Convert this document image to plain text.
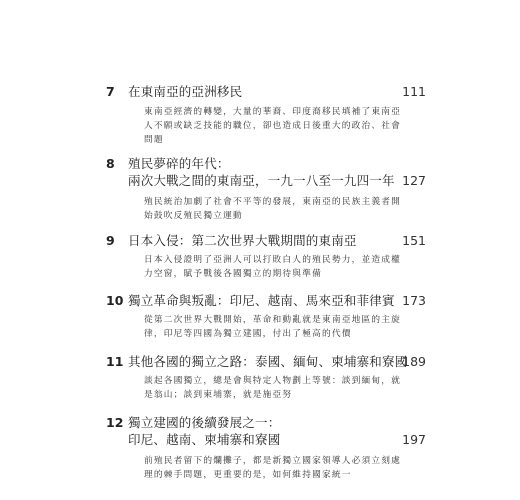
7	在東南亞的亞洲移民	111
東南亞經濟的轉變，大量的華裔、印度裔移民填補了東南亞
人不願或缺乏技能的職位，卻也造成日後重大的政治、社會
問題
8	殖民夢碎的年代：
兩次大戰之間的東南亞，一九一八至一九四一年 127
殖民統治加劇了社會不平等的發展，東南亞的民族主義者開
始鼓吹反殖民獨立運動
9	日本入侵：第二次世界大戰期間的東南亞	151
日本入侵證明了亞洲人可以打敗白人的殖民勢力，並造成權
力空窗，賦予戰後各國獨立的期待與準備
10 獨立革命與叛亂：印尼、越南、馬來亞和菲律賓 173
從第二次世界大戰開始，革命和動亂就是東南亞地區的主旋
律，印尼等四國為獨立建國，付出了極高的代價
11 其他各國的獨立之路：泰國、緬甸、柬埔寨和寮國
189
談起各國獨立，總是會與特定人物劃上等號：談到緬甸，就
是翁山；談到柬埔寨，就是施亞努
12 獨立建國的後續發展之一：
印尼、越南、柬埔寨和寮國	197
前殖民者留下的爛攤子，都是新獨立國家領導人必須立刻處
理的棘手問題，更重要的是，如何維持國家統一
